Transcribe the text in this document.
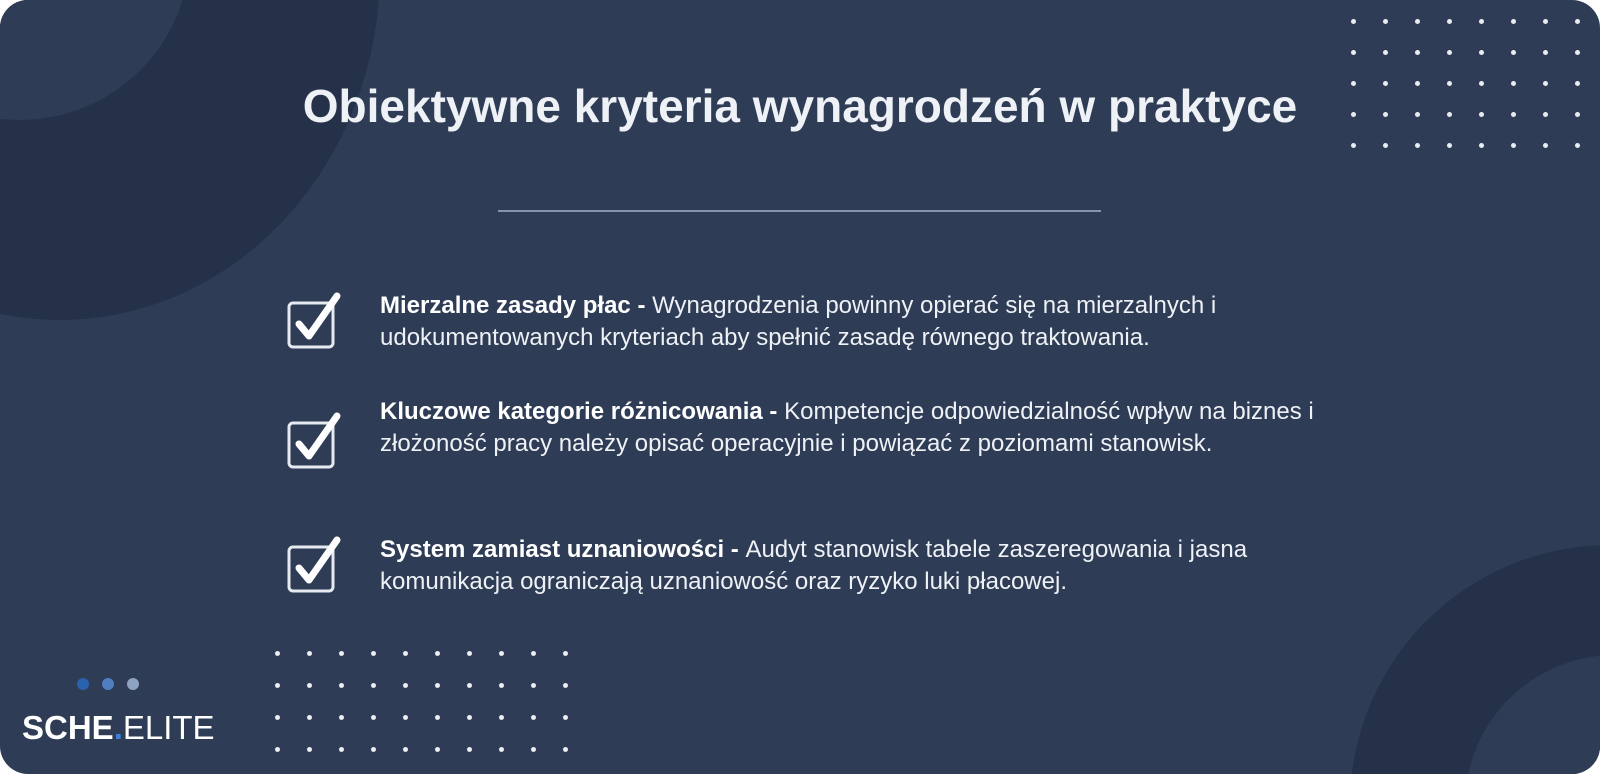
Obiektywne kryteria wynagrodzeń w praktyce

Mierzalne zasady płac - Wynagrodzenia powinny opierać się na mierzalnych i udokumentowanych kryteriach aby spełnić zasadę równego traktowania.

Kluczowe kategorie różnicowania - Kompetencje odpowiedzialność wpływ na biznes i złożoność pracy należy opisać operacyjnie i powiązać z poziomami stanowisk.

System zamiast uznaniowości - Audyt stanowisk tabele zaszeregowania i jasna komunikacja ograniczają uznaniowość oraz ryzyko luki płacowej.

SCHE.ELITE
